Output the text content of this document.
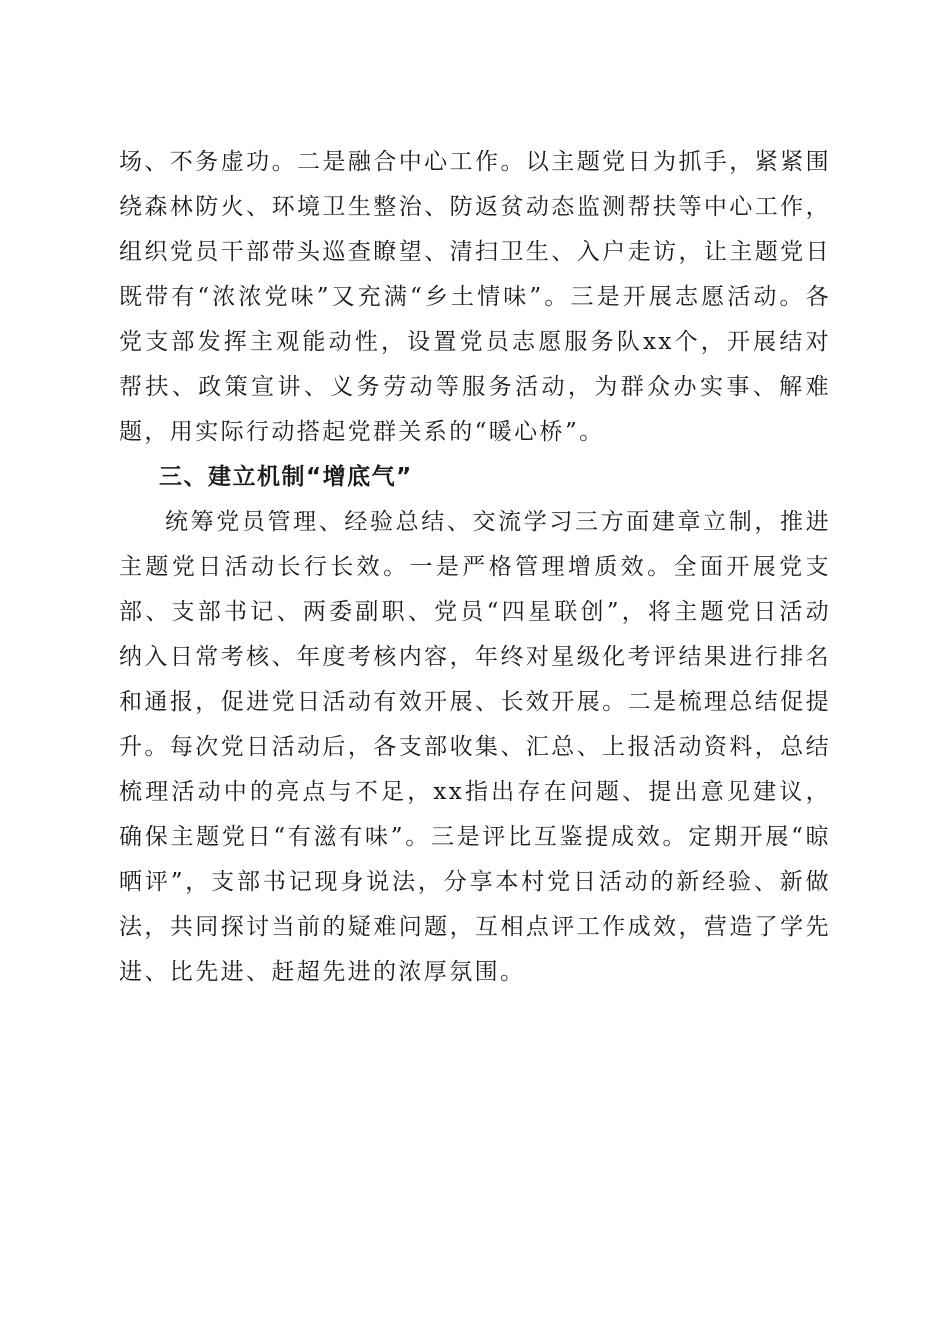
场、不务虚功。二是融合中心工作。以主题党日为抓手，紧紧围绕森林防火、环境卫生整治、防返贫动态监测帮扶等中心工作，组织党员干部带头巡查瞭望、清扫卫生、入户走访，让主题党日既带有“浓浓党味”又充满“乡土情味”。三是开展志愿活动。各党支部发挥主观能动性，设置党员志愿服务队xx个，开展结对帮扶、政策宣讲、义务劳动等服务活动，为群众办实事、解难题，用实际行动搭起党群关系的“暖心桥”。

三、建立机制“增底气”

统筹党员管理、经验总结、交流学习三方面建章立制，推进主题党日活动长行长效。一是严格管理增质效。全面开展党支部、支部书记、两委副职、党员“四星联创”，将主题党日活动纳入日常考核、年度考核内容，年终对星级化考评结果进行排名和通报，促进党日活动有效开展、长效开展。二是梳理总结促提升。每次党日活动后，各支部收集、汇总、上报活动资料，总结梳理活动中的亮点与不足，xx指出存在问题、提出意见建议，确保主题党日“有滋有味”。三是评比互鉴提成效。定期开展“晾晒评”，支部书记现身说法，分享本村党日活动的新经验、新做法，共同探讨当前的疑难问题，互相点评工作成效，营造了学先进、比先进、赶超先进的浓厚氛围。
